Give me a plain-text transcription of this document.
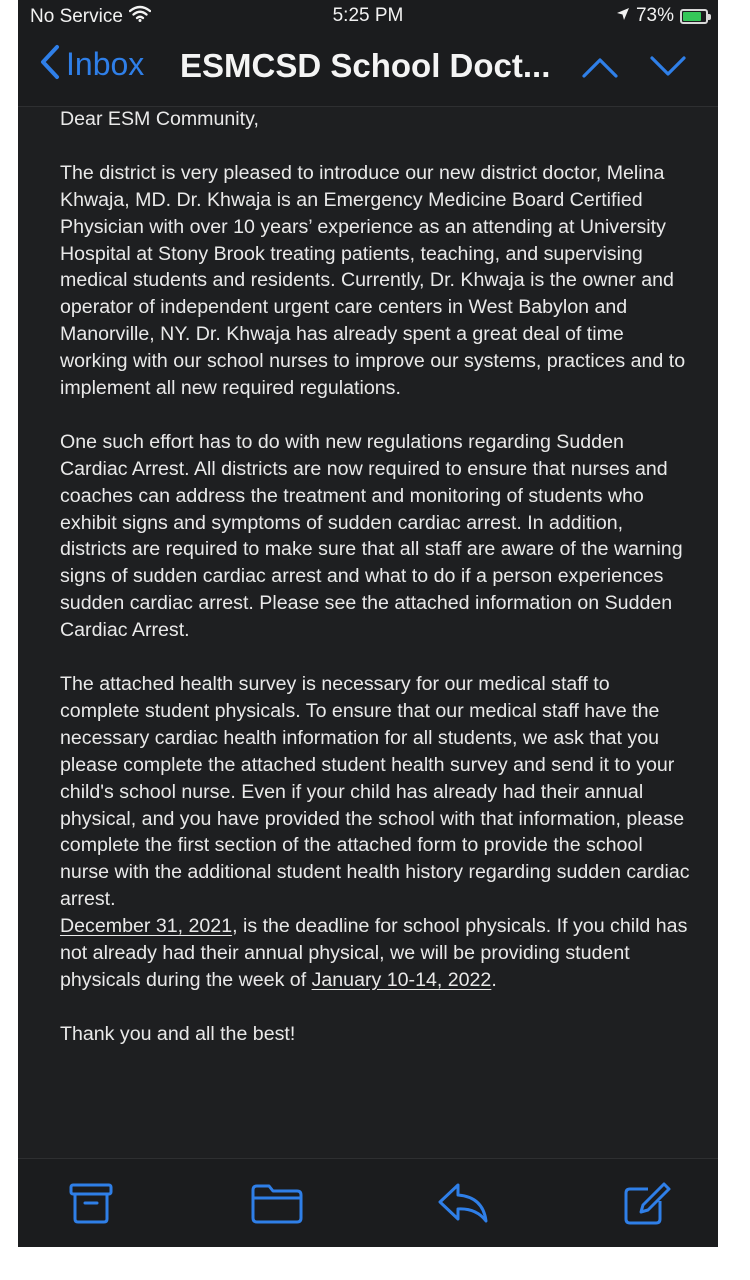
No Service	5:25 PM	73%
Inbox ESMCSD School Doct...

Dear ESM Community,

The district is very pleased to introduce our new district doctor, Melina Khwaja, MD. Dr. Khwaja is an Emergency Medicine Board Certified Physician with over 10 years’ experience as an attending at University Hospital at Stony Brook treating patients, teaching, and supervising medical students and residents. Currently, Dr. Khwaja is the owner and operator of independent urgent care centers in West Babylon and Manorville, NY. Dr. Khwaja has already spent a great deal of time working with our school nurses to improve our systems, practices and to implement all new required regulations.

One such effort has to do with new regulations regarding Sudden Cardiac Arrest. All districts are now required to ensure that nurses and coaches can address the treatment and monitoring of students who exhibit signs and symptoms of sudden cardiac arrest. In addition, districts are required to make sure that all staff are aware of the warning signs of sudden cardiac arrest and what to do if a person experiences sudden cardiac arrest. Please see the attached information on Sudden Cardiac Arrest.

The attached health survey is necessary for our medical staff to complete student physicals. To ensure that our medical staff have the necessary cardiac health information for all students, we ask that you please complete the attached student health survey and send it to your child's school nurse. Even if your child has already had their annual physical, and you have provided the school with that information, please complete the first section of the attached form to provide the school nurse with the additional student health history regarding sudden cardiac arrest.

December 31, 2021, is the deadline for school physicals. If you child has not already had their annual physical, we will be providing student physicals during the week of January 10-14, 2022.

Thank you and all the best!
